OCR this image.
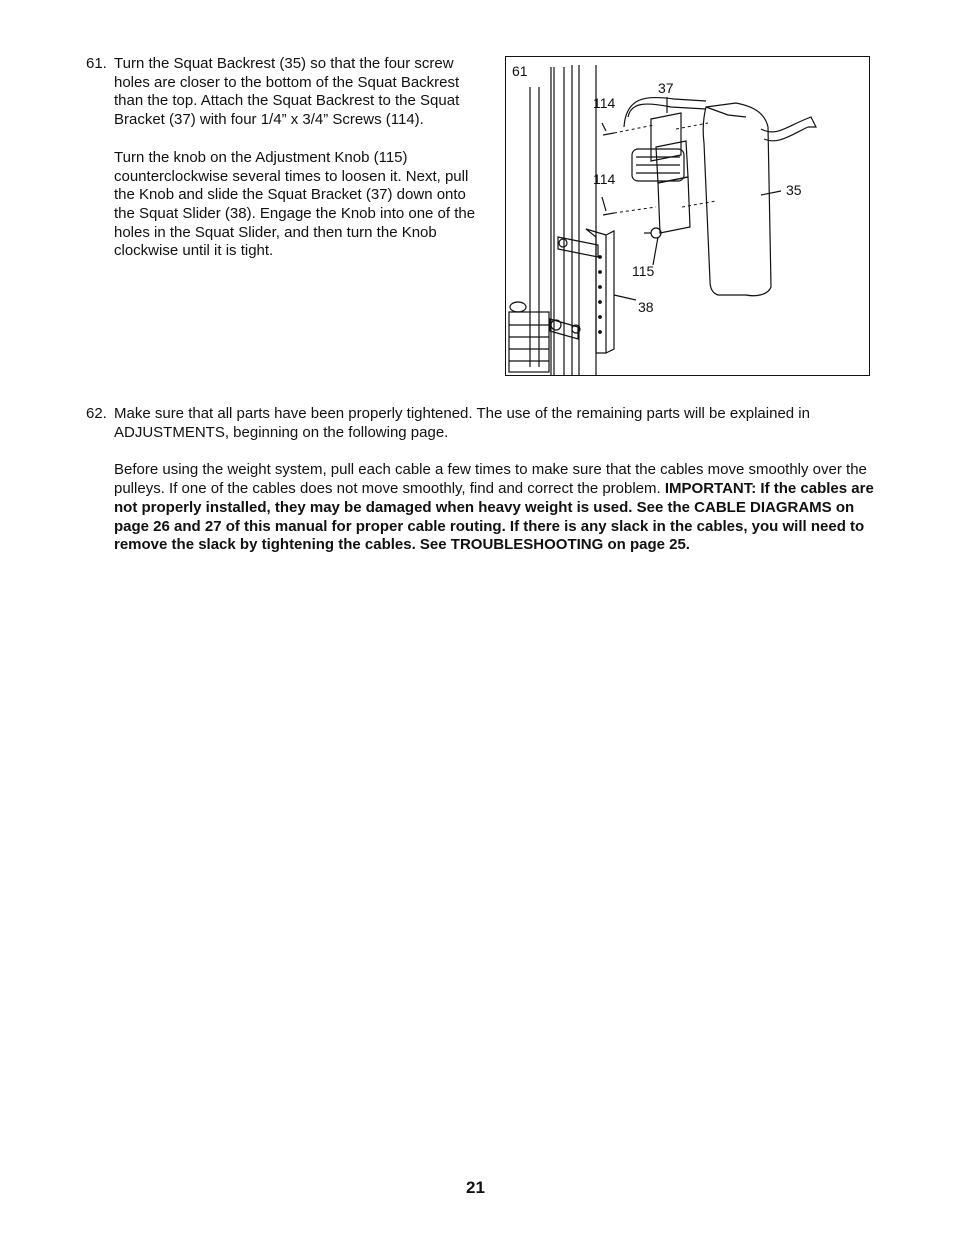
61. Turn the Squat Backrest (35) so that the four screw holes are closer to the bottom of the Squat Backrest than the top. Attach the Squat Backrest to the Squat Bracket (37) with four 1/4” x 3/4” Screws (114).

Turn the knob on the Adjustment Knob (115) counterclockwise several times to loosen it. Next, pull the Knob and slide the Squat Bracket (37) down onto the Squat Slider (38). Engage the Knob into one of the holes in the Squat Slider, and then turn the Knob clockwise until it is tight.

61
37
114
114
35
115
38
62. Make sure that all parts have been properly tightened. The use of the remaining parts will be explained in ADJUSTMENTS, beginning on the following page.

Before using the weight system, pull each cable a few times to make sure that the cables move smoothly over the pulleys. If one of the cables does not move smoothly, find and correct the problem. IMPORTANT: If the cables are not properly installed, they may be damaged when heavy weight is used. See the CABLE DIAGRAMS on page 26 and 27 of this manual for proper cable routing. If there is any slack in the cables, you will need to remove the slack by tightening the cables. See TROUBLESHOOTING on page 25.

21
